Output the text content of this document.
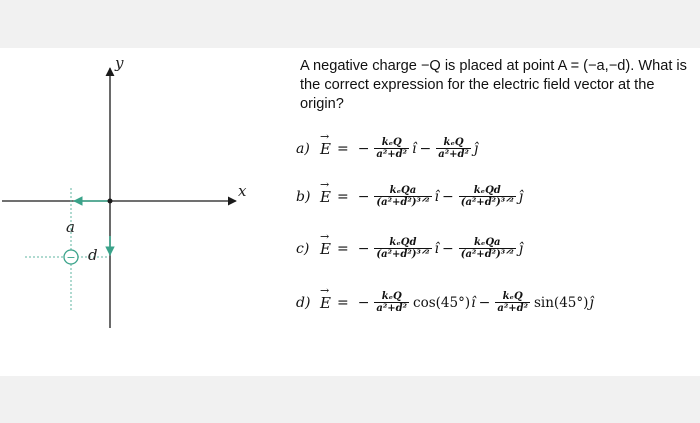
−
y
x
a
d
A negative charge −Q is placed at point A = (−a,−d). What is the correct expression for the electric field vector at the origin?
a) → E = − $\frac{\text{kₑQ}}{\text{a²+d²}}$ î − $\frac{\text{kₑQ}}{\text{a²+d²}}$ ĵ
b) → E = − $\frac{\text{kₑQa}}{\text{(a²+d²)³ᐟ²}}$ î − $\frac{\text{kₑQd}}{\text{(a²+d²)³ᐟ²}}$ ĵ
c) → E = − $\frac{\text{kₑQd}}{\text{(a²+d²)³ᐟ²}}$ î − $\frac{\text{kₑQa}}{\text{(a²+d²)³ᐟ²}}$ ĵ
d) → E = − $\frac{\text{kₑQ}}{\text{a²+d²}} \cos(45^\circ)$ î − $\frac{\text{kₑQ}}{\text{a²+d²}} \sin(45^\circ)$ ĵ
